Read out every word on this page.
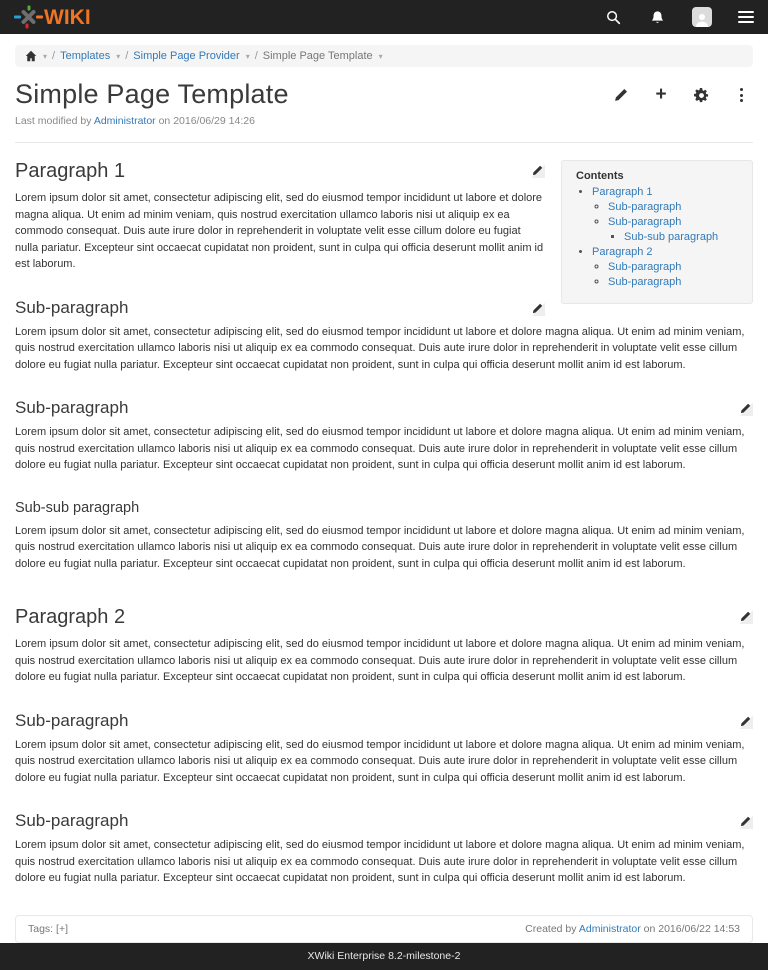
WIKI
▾ / Templates ▾ / Simple Page Provider ▾ / Simple Page Template ▾
Simple Page Template	+
Last modified by Administrator on 2016/06/29 14:26
Contents
• Paragraph 1
◦ Sub-paragraph
◦ Sub-paragraph
▪ Sub-sub paragraph
• Paragraph 2
◦ Sub-paragraph
◦ Sub-paragraph
Paragraph 1

Lorem ipsum dolor sit amet, consectetur adipiscing elit, sed do eiusmod tempor incididunt ut labore et dolore magna aliqua. Ut enim ad minim veniam, quis nostrud exercitation ullamco laboris nisi ut aliquip ex ea commodo consequat. Duis aute irure dolor in reprehenderit in voluptate velit esse cillum dolore eu fugiat nulla pariatur. Excepteur sint occaecat cupidatat non proident, sunt in culpa qui officia deserunt mollit anim id est laborum.

Sub-paragraph

Lorem ipsum dolor sit amet, consectetur adipiscing elit, sed do eiusmod tempor incididunt ut labore et dolore magna aliqua. Ut enim ad minim veniam, quis nostrud exercitation ullamco laboris nisi ut aliquip ex ea commodo consequat. Duis aute irure dolor in reprehenderit in voluptate velit esse cillum dolore eu fugiat nulla pariatur. Excepteur sint occaecat cupidatat non proident, sunt in culpa qui officia deserunt mollit anim id est laborum.

Sub-paragraph

Lorem ipsum dolor sit amet, consectetur adipiscing elit, sed do eiusmod tempor incididunt ut labore et dolore magna aliqua. Ut enim ad minim veniam, quis nostrud exercitation ullamco laboris nisi ut aliquip ex ea commodo consequat. Duis aute irure dolor in reprehenderit in voluptate velit esse cillum dolore eu fugiat nulla pariatur. Excepteur sint occaecat cupidatat non proident, sunt in culpa qui officia deserunt mollit anim id est laborum.

Sub-sub paragraph

Lorem ipsum dolor sit amet, consectetur adipiscing elit, sed do eiusmod tempor incididunt ut labore et dolore magna aliqua. Ut enim ad minim veniam, quis nostrud exercitation ullamco laboris nisi ut aliquip ex ea commodo consequat. Duis aute irure dolor in reprehenderit in voluptate velit esse cillum dolore eu fugiat nulla pariatur. Excepteur sint occaecat cupidatat non proident, sunt in culpa qui officia deserunt mollit anim id est laborum.

Paragraph 2

Lorem ipsum dolor sit amet, consectetur adipiscing elit, sed do eiusmod tempor incididunt ut labore et dolore magna aliqua. Ut enim ad minim veniam, quis nostrud exercitation ullamco laboris nisi ut aliquip ex ea commodo consequat. Duis aute irure dolor in reprehenderit in voluptate velit esse cillum dolore eu fugiat nulla pariatur. Excepteur sint occaecat cupidatat non proident, sunt in culpa qui officia deserunt mollit anim id est laborum.

Sub-paragraph

Lorem ipsum dolor sit amet, consectetur adipiscing elit, sed do eiusmod tempor incididunt ut labore et dolore magna aliqua. Ut enim ad minim veniam, quis nostrud exercitation ullamco laboris nisi ut aliquip ex ea commodo consequat. Duis aute irure dolor in reprehenderit in voluptate velit esse cillum dolore eu fugiat nulla pariatur. Excepteur sint occaecat cupidatat non proident, sunt in culpa qui officia deserunt mollit anim id est laborum.

Sub-paragraph

Lorem ipsum dolor sit amet, consectetur adipiscing elit, sed do eiusmod tempor incididunt ut labore et dolore magna aliqua. Ut enim ad minim veniam, quis nostrud exercitation ullamco laboris nisi ut aliquip ex ea commodo consequat. Duis aute irure dolor in reprehenderit in voluptate velit esse cillum dolore eu fugiat nulla pariatur. Excepteur sint occaecat cupidatat non proident, sunt in culpa qui officia deserunt mollit anim id est laborum.

Tags: [+]	Created by Administrator on 2016/06/22 14:53
XWiki Enterprise 8.2-milestone-2
